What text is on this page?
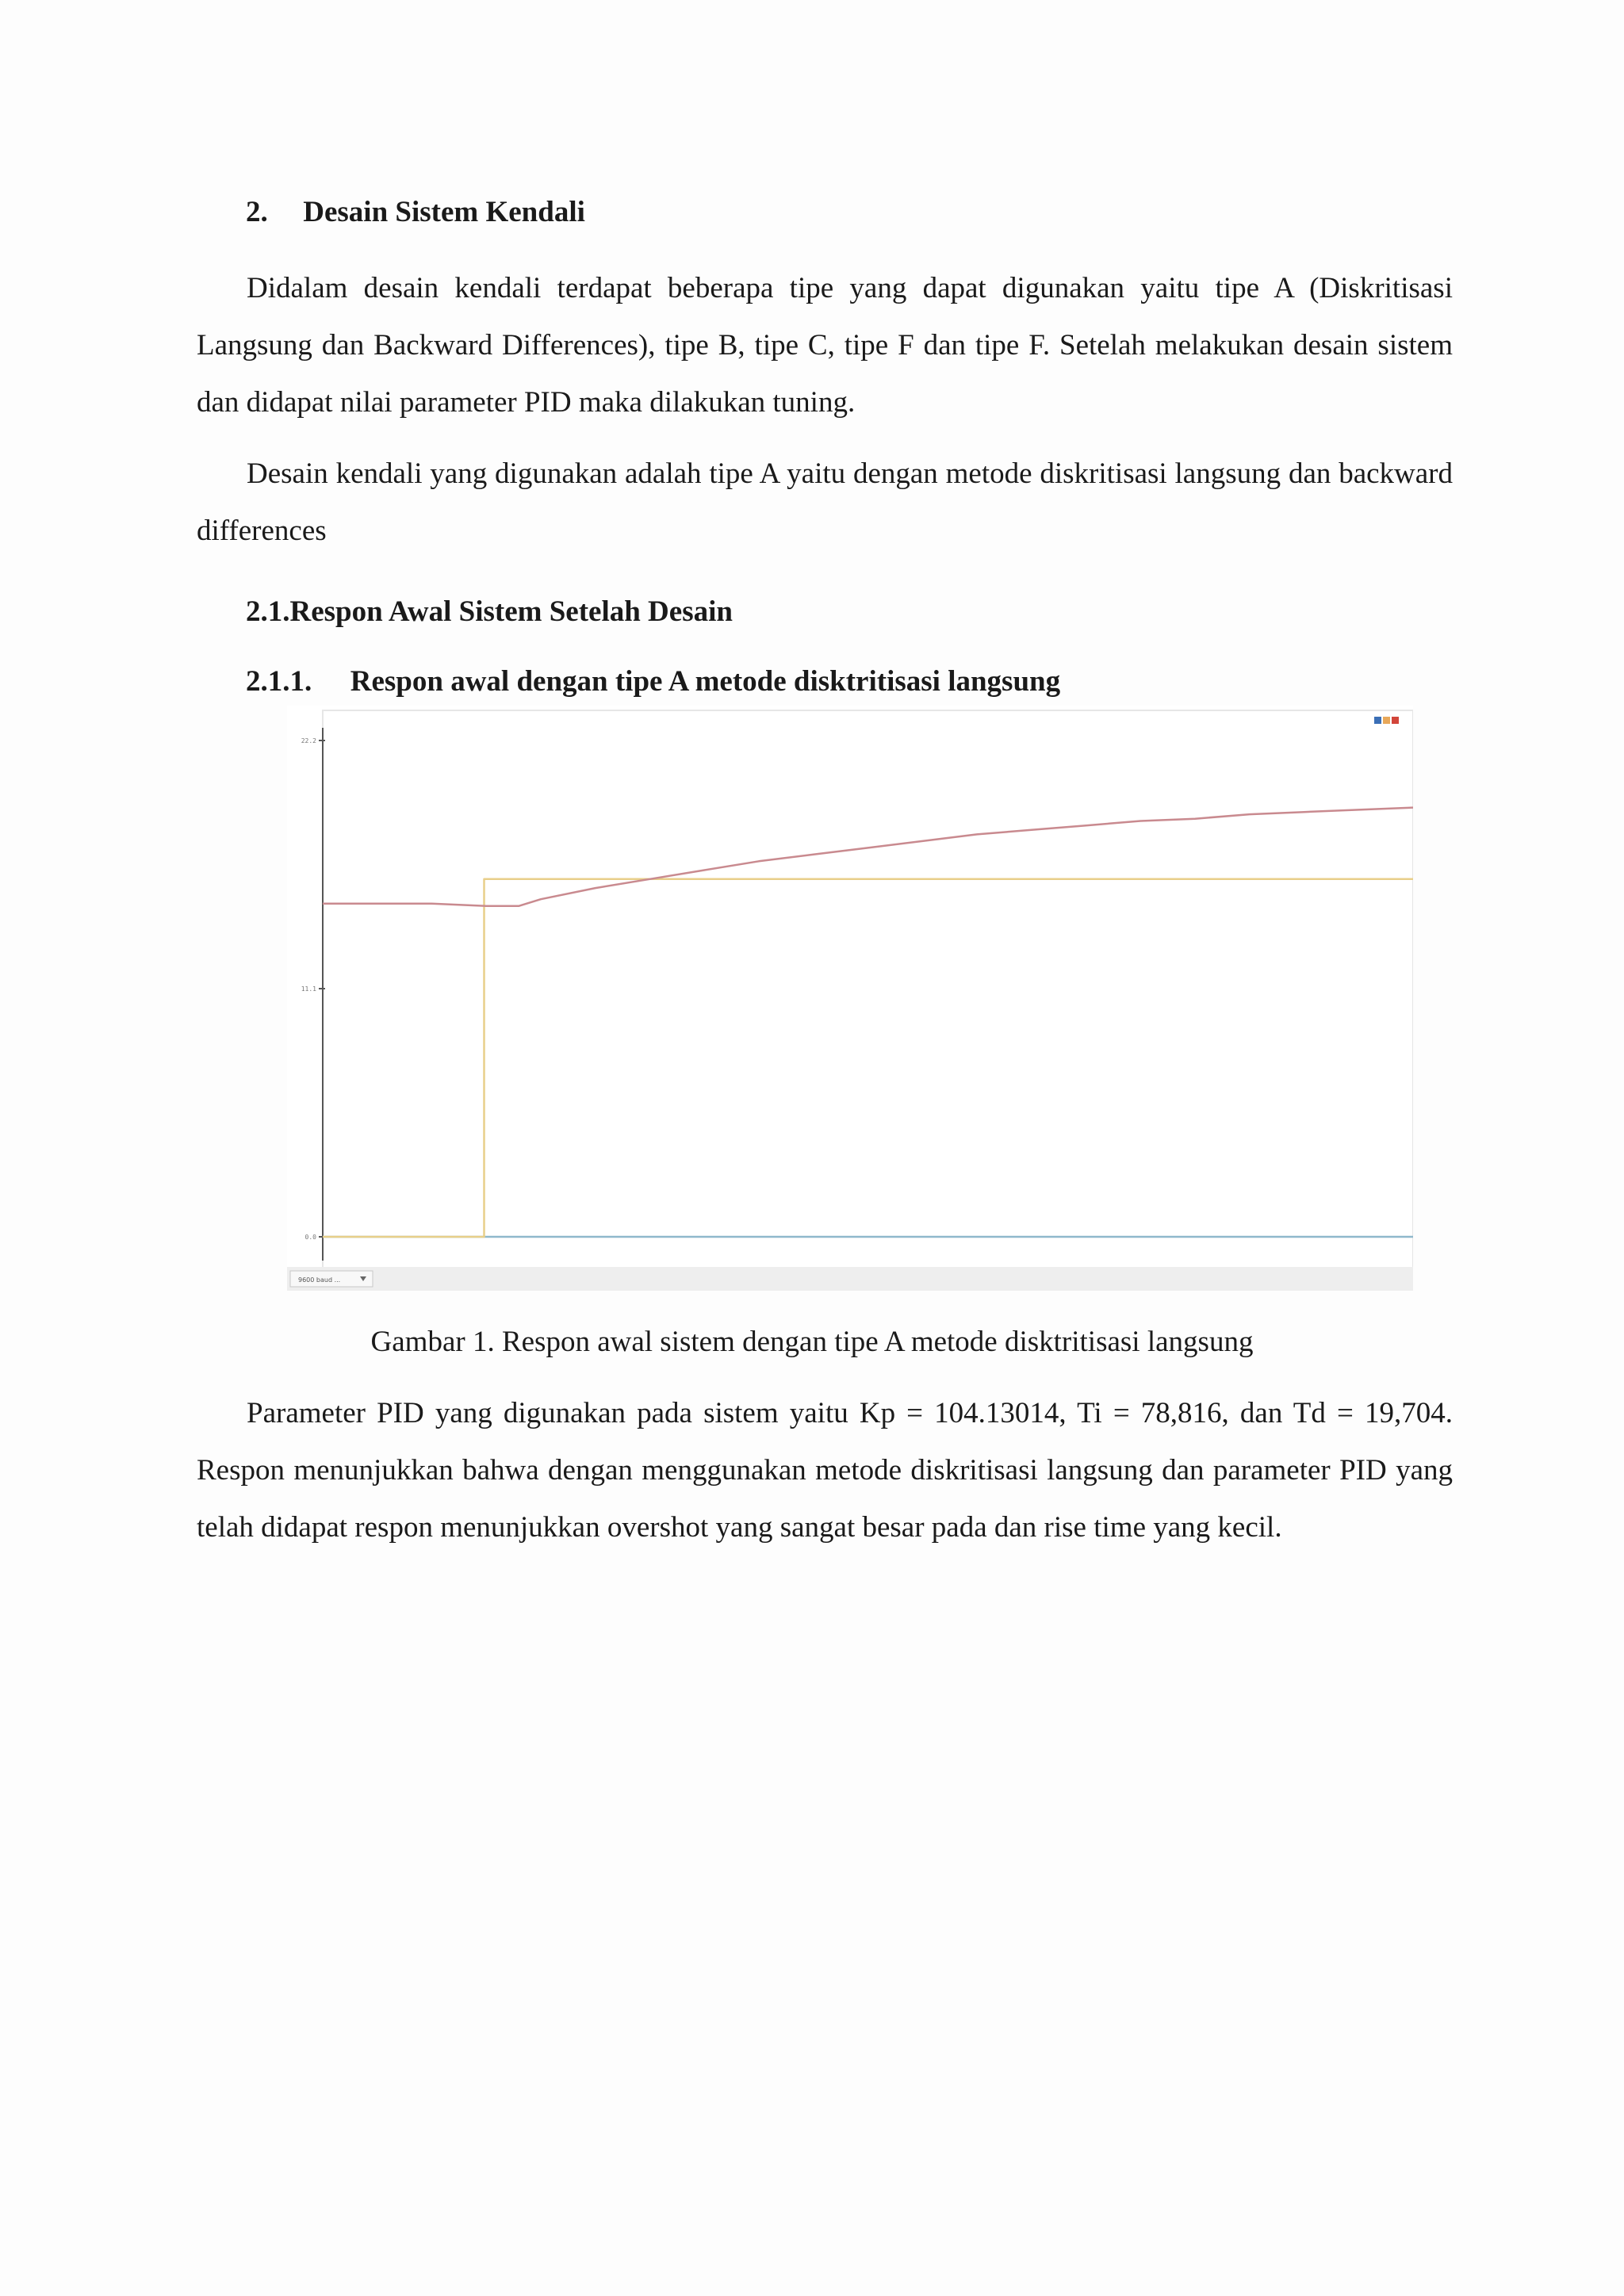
2. Desain Sistem Kendali

Didalam desain kendali terdapat beberapa tipe yang dapat digunakan yaitu tipe A (Diskritisasi Langsung dan Backward Differences), tipe B, tipe C, tipe F dan tipe F. Setelah melakukan desain sistem dan didapat nilai parameter PID maka dilakukan tuning.

Desain kendali yang digunakan adalah tipe A yaitu dengan metode diskritisasi langsung dan backward differences

2.1.Respon Awal Sistem Setelah Desain
2.1.1. Respon awal dengan tipe A metode disktritisasi langsung
22.2
11.1
0.0
9600 baud ...

Gambar 1. Respon awal sistem dengan tipe A metode disktritisasi langsung

Parameter PID yang digunakan pada sistem yaitu Kp = 104.13014, Ti = 78,816, dan Td = 19,704. Respon menunjukkan bahwa dengan menggunakan metode diskritisasi langsung dan parameter PID yang telah didapat respon menunjukkan overshot yang sangat besar pada dan rise time yang kecil.
